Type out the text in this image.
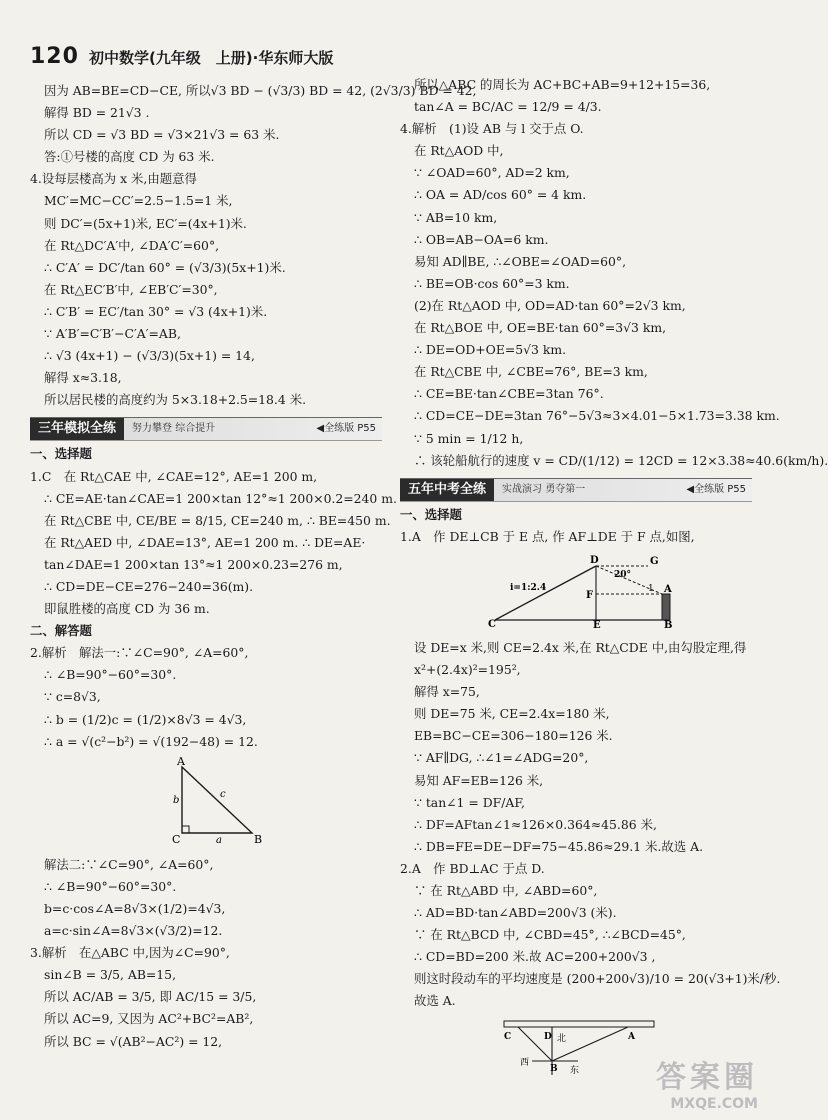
120 初中数学(九年级　上册)·华东师大版
因为 AB=BE=CD−CE, 所以√3 BD − (√3/3) BD = 42, (2√3/3) BD = 42,
解得 BD = 21√3 .
所以 CD = √3 BD = √3×21√3 = 63 米.
答:①号楼的高度 CD 为 63 米.
4.设每层楼高为 x 米,由题意得
MC′=MC−CC′=2.5−1.5=1 米,
则 DC′=(5x+1)米, EC′=(4x+1)米.
在 Rt△DC′A′中, ∠DA′C′=60°,
∴ C′A′ = DC′/tan 60° = (√3/3)(5x+1)米.
在 Rt△EC′B′中, ∠EB′C′=30°,
∴ C′B′ = EC′/tan 30° = √3 (4x+1)米.
∵ A′B′=C′B′−C′A′=AB,
∴ √3 (4x+1) − (√3/3)(5x+1) = 14,
解得 x≈3.18,
所以居民楼的高度约为 5×3.18+2.5=18.4 米.
三年模拟全练	努力攀登 综合提升	◀全练版 P55
一、选择题
1.C　在 Rt△CAE 中, ∠CAE=12°, AE=1 200 m,
∴ CE=AE·tan∠CAE=1 200×tan 12°≈1 200×0.2=240 m.
在 Rt△CBE 中, CE/BE = 8/15, CE=240 m, ∴ BE=450 m.
在 Rt△AED 中, ∠DAE=13°, AE=1 200 m. ∴ DE=AE·
tan∠DAE=1 200×tan 13°≈1 200×0.23=276 m,
∴ CD=DE−CE=276−240=36(m).
即鼠胜楼的高度 CD 为 36 m.
二、解答题
2.解析　解法一:∵∠C=90°, ∠A=60°,
∴ ∠B=90°−60°=30°.
∵ c=8√3,
∴ b = (1/2)c = (1/2)×8√3 = 4√3,
∴ a = √(c²−b²) = √(192−48) = 12.
A
C	B
b
a
c
解法二:∵∠C=90°, ∠A=60°,
∴ ∠B=90°−60°=30°.
b=c·cos∠A=8√3×(1/2)=4√3,
a=c·sin∠A=8√3×(√3/2)=12.
3.解析　在△ABC 中,因为∠C=90°,
sin∠B = 3/5, AB=15,
所以 AC/AB = 3/5, 即 AC/15 = 3/5,
所以 AC=9, 又因为 AC²+BC²=AB²,
所以 BC = √(AB²−AC²) = 12,
所以△ABC 的周长为 AC+BC+AB=9+12+15=36,
tan∠A = BC/AC = 12/9 = 4/3.
4.解析　(1)设 AB 与 l 交于点 O.
在 Rt△AOD 中,
∵ ∠OAD=60°, AD=2 km,
∴ OA = AD/cos 60° = 4 km.
∵ AB=10 km,
∴ OB=AB−OA=6 km.
易知 AD∥BE, ∴∠OBE=∠OAD=60°,
∴ BE=OB·cos 60°=3 km.
(2)在 Rt△AOD 中, OD=AD·tan 60°=2√3 km,
在 Rt△BOE 中, OE=BE·tan 60°=3√3 km,
∴ DE=OD+OE=5√3 km.
在 Rt△CBE 中, ∠CBE=76°, BE=3 km,
∴ CE=BE·tan∠CBE=3tan 76°.
∴ CD=CE−DE=3tan 76°−5√3≈3×4.01−5×1.73=3.38 km.
∵ 5 min = 1/12 h,
∴ 该轮船航行的速度 v = CD/(1/12) = 12CD = 12×3.38≈40.6(km/h).
五年中考全练	实战演习 勇夺第一	◀全练版 P55
一、选择题
1.A　作 DE⊥CB 于 E 点, 作 AF⊥DE 于 F 点,如图,
D	G
F
A
C	E	B
i=1:2.4
20°
1
设 DE=x 米,则 CE=2.4x 米,在 Rt△CDE 中,由勾股定理,得
x²+(2.4x)²=195²,
解得 x=75,
则 DE=75 米, CE=2.4x=180 米,
EB=BC−CE=306−180=126 米.
∵ AF∥DG, ∴∠1=∠ADG=20°,
易知 AF=EB=126 米,
∵ tan∠1 = DF/AF,
∴ DF=AFtan∠1≈126×0.364≈45.86 米,
∴ DB=FE=DE−DF=75−45.86≈29.1 米.故选 A.
2.A　作 BD⊥AC 于点 D.
∵ 在 Rt△ABD 中, ∠ABD=60°,
∴ AD=BD·tan∠ABD=200√3 (米).
∵ 在 Rt△BCD 中, ∠CBD=45°, ∴∠BCD=45°,
∴ CD=BD=200 米.故 AC=200+200√3 ,
则这时段动车的平均速度是 (200+200√3)/10 = 20(√3+1)米/秒.
故选 A.
C	D	A
B
北
西
东	答案圈
MXQE.COM
